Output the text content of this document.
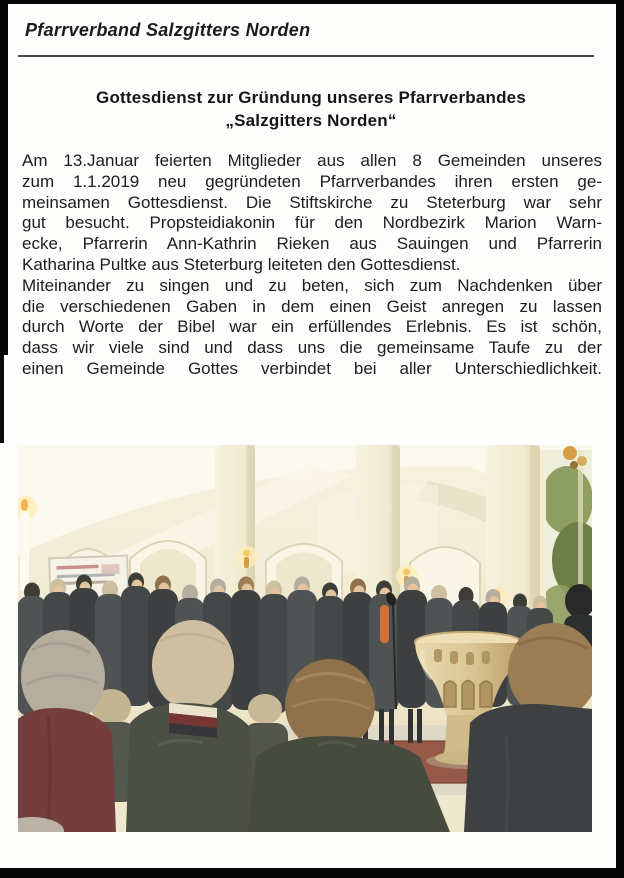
Pfarrverband Salzgitters Norden
Gottesdienst zur Gründung unseres Pfarrverbandes
„Salzgitters Norden“
Am 13.Januar feierten Mitglieder aus allen 8 Gemeinden unseres
zum 1.1.2019 neu gegründeten Pfarrverbandes ihren ersten ge-
meinsamen Gottesdienst. Die Stiftskirche zu Steterburg war sehr
gut besucht. Propsteidiakonin für den Nordbezirk Marion Warn-
ecke, Pfarrerin Ann-Kathrin Rieken aus Sauingen und Pfarrerin
Katharina Pultke aus Steterburg leiteten den Gottesdienst.
Miteinander zu singen und zu beten, sich zum Nachdenken über
die verschiedenen Gaben in dem einen Geist anregen zu lassen
durch Worte der Bibel war ein erfüllendes Erlebnis. Es ist schön,
dass wir viele sind und dass uns die gemeinsame Taufe zu der
einen Gemeinde Gottes verbindet bei aller Unterschiedlichkeit.
